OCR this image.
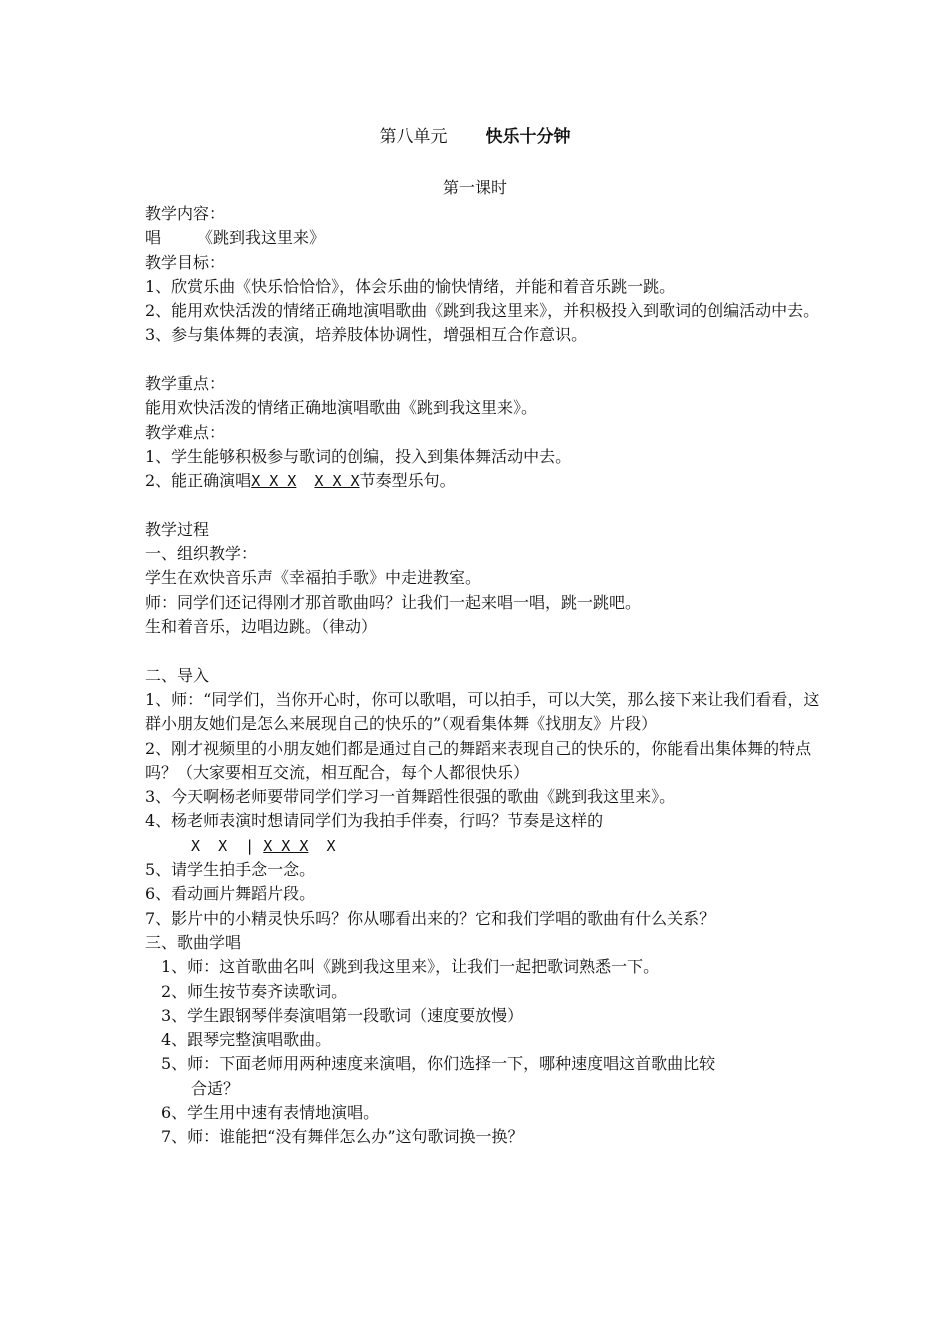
第八单元 快乐十分钟
第一课时

教学内容：

唱 《跳到我这里来》

教学目标：

1、欣赏乐曲《快乐恰恰恰》，体会乐曲的愉快情绪，并能和着音乐跳一跳。

2、能用欢快活泼的情绪正确地演唱歌曲《跳到我这里来》，并积极投入到歌词的创编活动中去。

3、参与集体舞的表演，培养肢体协调性，增强相互合作意识。

教学重点：

能用欢快活泼的情绪正确地演唱歌曲《跳到我这里来》。

教学难点：

1、学生能够积极参与歌词的创编，投入到集体舞活动中去。

2、能正确演唱X X X X X X节奏型乐句。

教学过程

一、组织教学：

学生在欢快音乐声《幸福拍手歌》中走进教室。

师：同学们还记得刚才那首歌曲吗？让我们一起来唱一唱，跳一跳吧。

生和着音乐，边唱边跳。（律动）

二、导入

1、师：“同学们，当你开心时，你可以歌唱，可以拍手，可以大笑，那么接下来让我们看看，这群小朋友她们是怎么来展现自己的快乐的”（观看集体舞《找朋友》片段）

2、刚才视频里的小朋友她们都是通过自己的舞蹈来表现自己的快乐的，你能看出集体舞的特点吗？（大家要相互交流，相互配合，每个人都很快乐）

3、今天啊杨老师要带同学们学习一首舞蹈性很强的歌曲《跳到我这里来》。

4、杨老师表演时想请同学们为我拍手伴奏，行吗？节奏是这样的

X  X  | X X X X

5、请学生拍手念一念。

6、看动画片舞蹈片段。

7、影片中的小精灵快乐吗？你从哪看出来的？它和我们学唱的歌曲有什么关系？

三、歌曲学唱

1、师：这首歌曲名叫《跳到我这里来》，让我们一起把歌词熟悉一下。

2、师生按节奏齐读歌词。

3、学生跟钢琴伴奏演唱第一段歌词（速度要放慢）

4、跟琴完整演唱歌曲。

5、师：下面老师用两种速度来演唱，你们选择一下，哪种速度唱这首歌曲比较
合适？

6、学生用中速有表情地演唱。

7、师：谁能把“没有舞伴怎么办”这句歌词换一换？
